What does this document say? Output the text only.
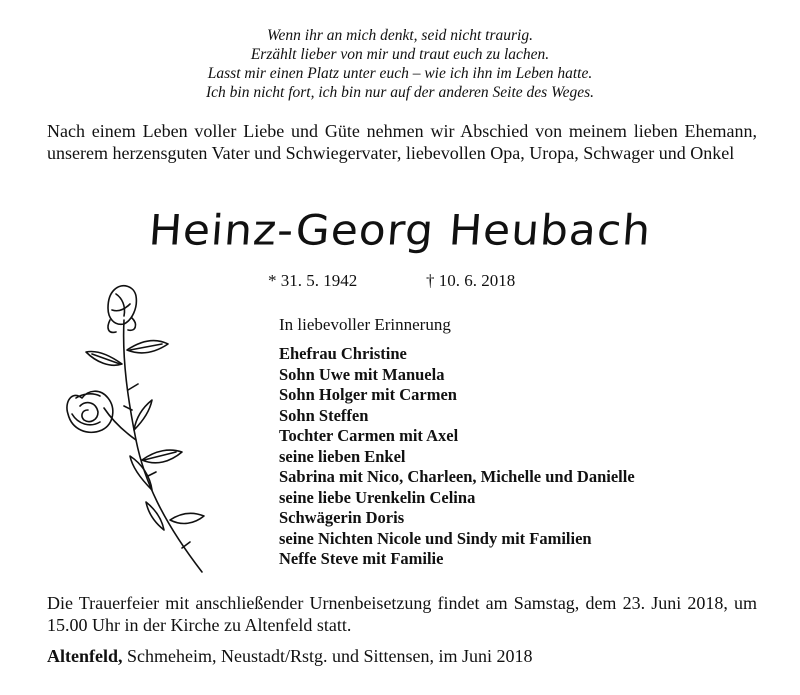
Wenn ihr an mich denkt, seid nicht traurig.
Erzählt lieber von mir und traut euch zu lachen.
Lasst mir einen Platz unter euch – wie ich ihn im Leben hatte.
Ich bin nicht fort, ich bin nur auf der anderen Seite des Weges.
Nach einem Leben voller Liebe und Güte nehmen wir Abschied von meinem lieben Ehemann, unserem herzensguten Vater und Schwiegervater, liebevollen Opa, Uropa, Schwager und Onkel
Heinz-Georg Heubach
* 31. 5. 1942	† 10. 6. 2018
In liebevoller Erinnerung
Ehefrau Christine
Sohn Uwe mit Manuela
Sohn Holger mit Carmen
Sohn Steffen
Tochter Carmen mit Axel
seine lieben Enkel
Sabrina mit Nico, Charleen, Michelle und Danielle
seine liebe Urenkelin Celina
Schwägerin Doris
seine Nichten Nicole und Sindy mit Familien
Neffe Steve mit Familie
Die Trauerfeier mit anschließender Urnenbeisetzung findet am Samstag, dem 23. Juni 2018, um 15.00 Uhr in der Kirche zu Altenfeld statt.
Altenfeld, Schmeheim, Neustadt/Rstg. und Sittensen, im Juni 2018
